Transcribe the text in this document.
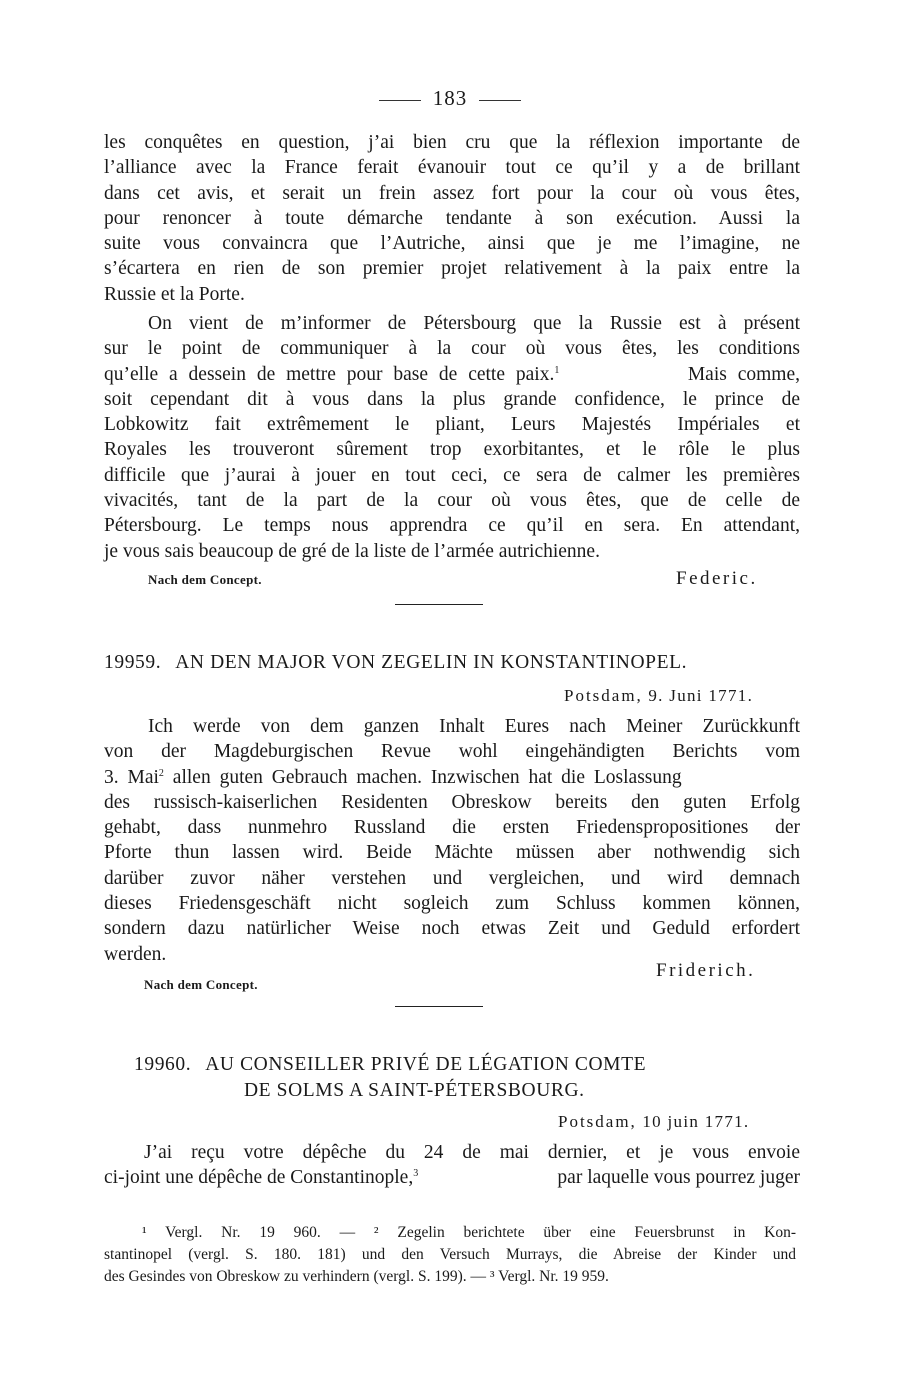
183
les conquêtes en question, j’ai bien cru que la réflexion importante de
l’alliance avec la France ferait évanouir tout ce qu’il y a de brillant
dans cet avis, et serait un frein assez fort pour la cour où vous êtes,
pour renoncer à toute démarche tendante à son exécution. Aussi la
suite vous convaincra que l’Autriche, ainsi que je me l’imagine, ne
s’écartera en rien de son premier projet relativement à la paix entre la
Russie et la Porte.
On vient de m’informer de Pétersbourg que la Russie est à présent
sur le point de communiquer à la cour où vous êtes, les conditions
qu’elle a dessein de mettre pour base de cette paix.$^1$	Mais comme,
soit cependant dit à vous dans la plus grande confidence, le prince de
Lobkowitz fait extrêmement le pliant, Leurs Majestés Impériales et
Royales les trouveront sûrement trop exorbitantes, et le rôle le plus
difficile que j’aurai à jouer en tout ceci, ce sera de calmer les premières
vivacités, tant de la part de la cour où vous êtes, que de celle de
Pétersbourg. Le temps nous apprendra ce qu’il en sera. En attendant,
je vous sais beaucoup de gré de la liste de l’armée autrichienne.
Nach dem Concept.	Federic.
19959. AN DEN MAJOR VON ZEGELIN IN KONSTANTINOPEL.
Potsdam, 9. Juni 1771.
Ich werde von dem ganzen Inhalt Eures nach Meiner Zurückkunft
von der Magdeburgischen Revue wohl eingehändigten Berichts vom
3. Mai$^2$ allen guten Gebrauch machen. Inzwischen hat die Loslassung
des russisch-kaiserlichen Residenten Obreskow bereits den guten Erfolg
gehabt, dass nunmehro Russland die ersten Friedenspropositiones der
Pforte thun lassen wird. Beide Mächte müssen aber nothwendig sich
darüber zuvor näher verstehen und vergleichen, und wird demnach
dieses Friedensgeschäft nicht sogleich zum Schluss kommen können,
sondern dazu natürlicher Weise noch etwas Zeit und Geduld erfordert
werden.
Friderich.
Nach dem Concept.
19960. AU CONSEILLER PRIVÉ DE LÉGATION COMTE
DE SOLMS A SAINT-PÉTERSBOURG.
Potsdam, 10 juin 1771.
J’ai reçu votre dépêche du 24 de mai dernier, et je vous envoie
ci-joint une dépêche de Constantinople,$^3$	par laquelle vous pourrez juger
¹ Vergl. Nr. 19 960. — ² Zegelin berichtete über eine Feuersbrunst in Kon-
stantinopel (vergl. S. 180. 181) und den Versuch Murrays, die Abreise der Kinder und
des Gesindes von Obreskow zu verhindern (vergl. S. 199). — ³ Vergl. Nr. 19 959.
